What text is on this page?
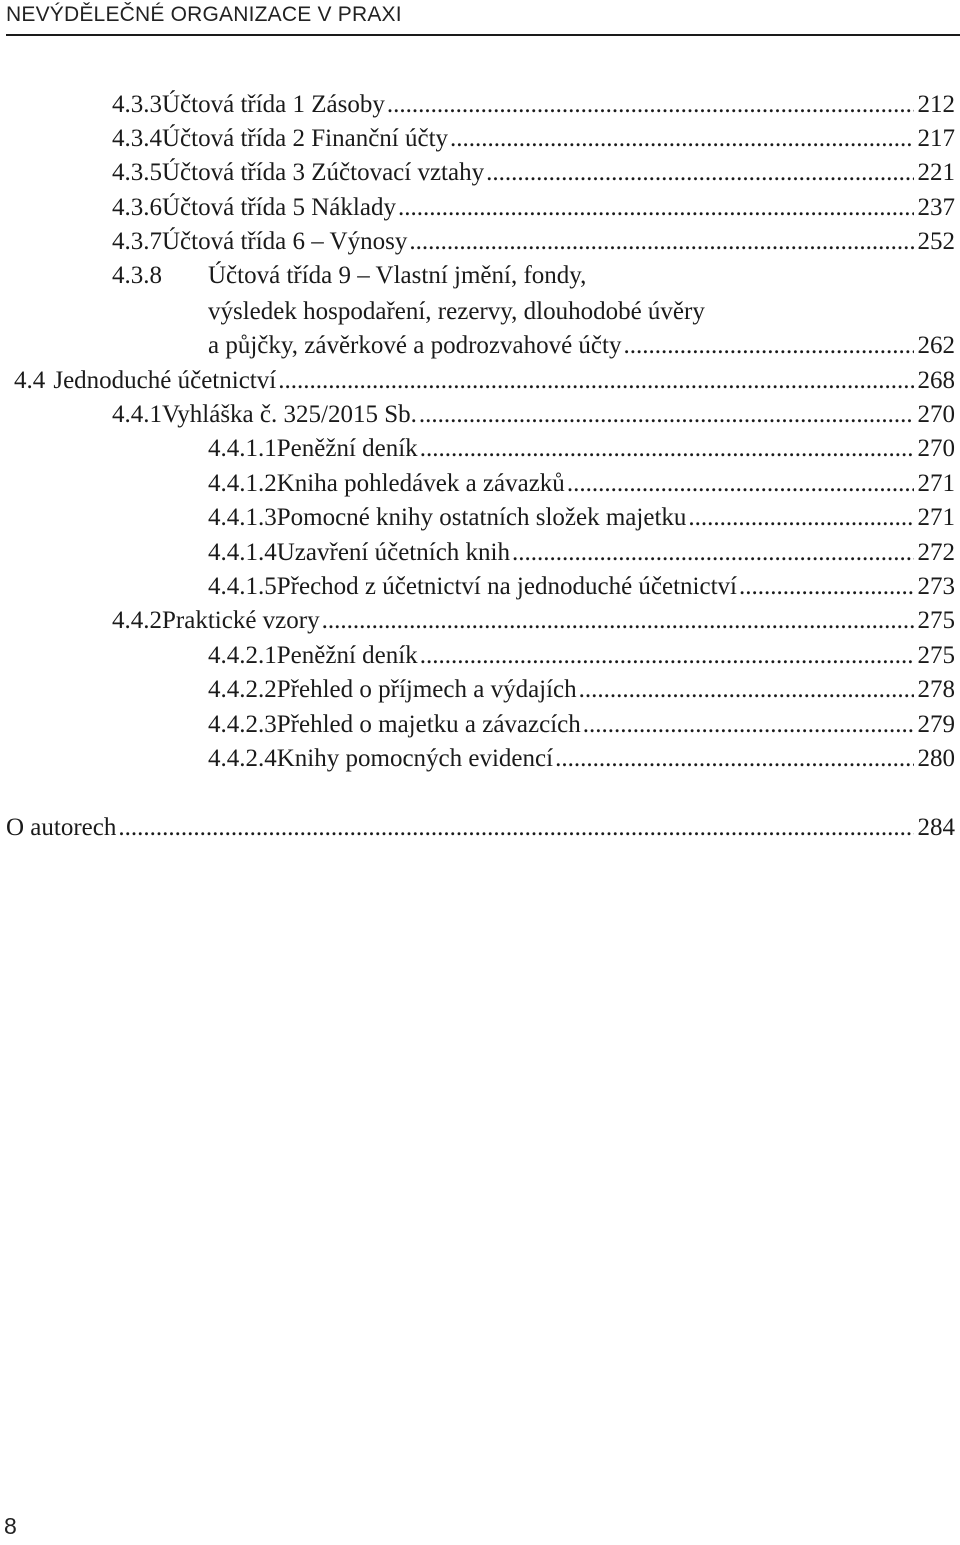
NEVÝDĚLEČNÉ ORGANIZACE V PRAXI
4.3.3 Účtová třída 1 Zásoby .....	212
4.3.4 Účtová třída 2 Finanční účty .....	217
4.3.5 Účtová třída 3 Zúčtovací vztahy .....	221
4.3.6 Účtová třída 5 Náklady .....	237
4.3.7 Účtová třída 6 – Výnosy .....	252
4.3.8 Účtová třída 9 – Vlastní jmění, fondy,
výsledek hospodaření, rezervy, dlouhodobé úvěry
a půjčky, závěrkové a podrozvahové účty .....	262
4.4 Jednoduché účetnictví .....	268
4.4.1 Vyhláška č. 325/2015 Sb. .....	270
4.4.1.1 Peněžní deník .....	270
4.4.1.2 Kniha pohledávek a závazků .....	271
4.4.1.3 Pomocné knihy ostatních složek majetku .....	271
4.4.1.4 Uzavření účetních knih .....	272
4.4.1.5 Přechod z účetnictví na jednoduché účetnictví .....	273
4.4.2 Praktické vzory .....	275
4.4.2.1 Peněžní deník .....	275
4.4.2.2 Přehled o příjmech a výdajích .....	278
4.4.2.3 Přehled o majetku a závazcích .....	279
4.4.2.4 Knihy pomocných evidencí .....	280
O autorech .....	284
8
